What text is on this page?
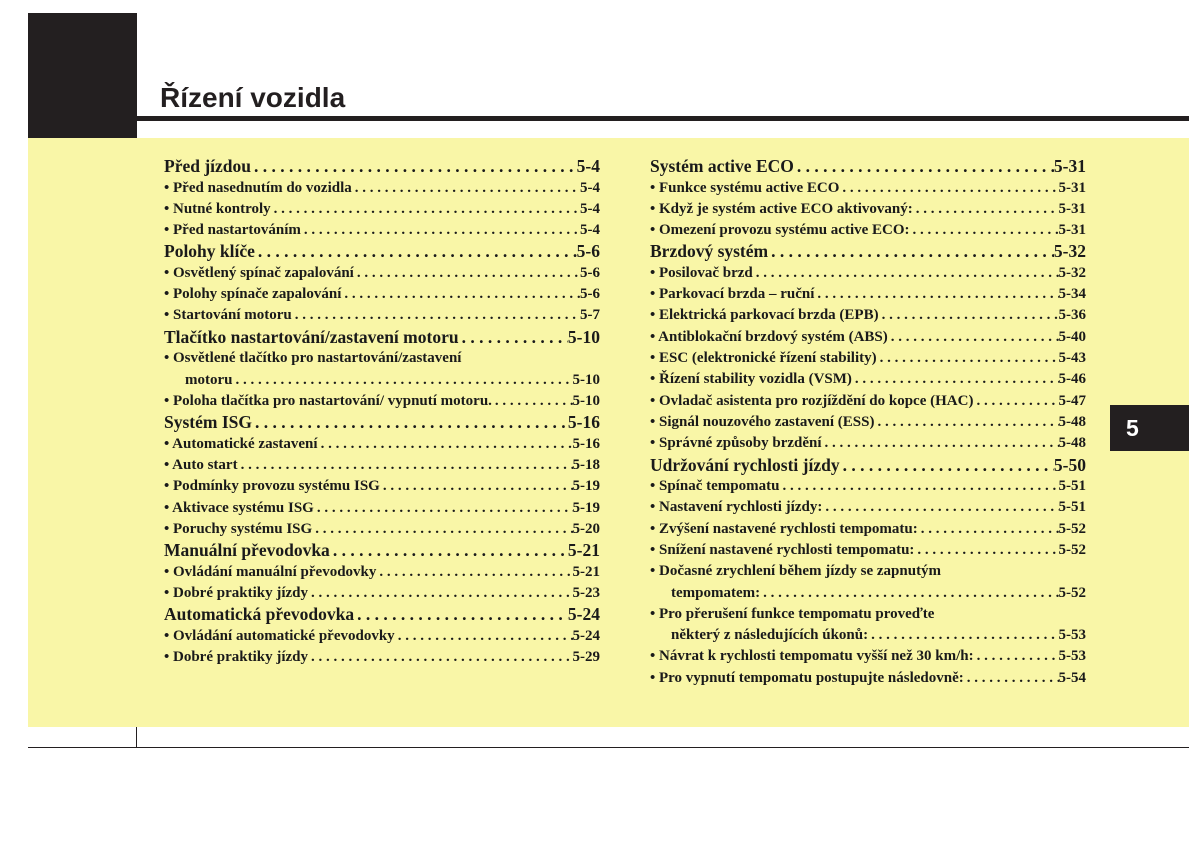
Řízení vozidla
5
Před jízdou . . .	5-4
• Před nasednutím do vozidla . . .	5-4
• Nutné kontroly . . .	5-4
• Před nastartováním . . .	5-4
Polohy klíče . . .	5-6
• Osvětlený spínač zapalování . . .	5-6
• Polohy spínače zapalování . . .	5-6
• Startování motoru . . .	5-7
Tlačítko nastartování/zastavení motoru . . .	5-10
• Osvětlené tlačítko pro nastartování/zastavení
motoru . . .	5-10
• Poloha tlačítka pro nastartování/ vypnutí motoru. . . .	5-10
Systém ISG . . .	5-16
• Automatické zastavení . . .	5-16
• Auto start . . .	5-18
• Podmínky provozu systému ISG . . .	5-19
• Aktivace systému ISG . . .	5-19
• Poruchy systému ISG . . .	5-20
Manuální převodovka . . .	5-21
• Ovládání manuální převodovky . . .	5-21
• Dobré praktiky jízdy . . .	5-23
Automatická převodovka . . .	5-24
• Ovládání automatické převodovky . . .	5-24
• Dobré praktiky jízdy . . .	5-29
Systém active ECO . . .	5-31
• Funkce systému active ECO . . .	5-31
• Když je systém active ECO aktivovaný: . . .	5-31
• Omezení provozu systému active ECO: . . .	5-31
Brzdový systém . . .	5-32
• Posilovač brzd . . .	5-32
• Parkovací brzda – ruční . . .	5-34
• Elektrická parkovací brzda (EPB) . . .	5-36
• Antiblokační brzdový systém (ABS) . . .	5-40
• ESC (elektronické řízení stability) . . .	5-43
• Řízení stability vozidla (VSM) . . .	5-46
• Ovladač asistenta pro rozjíždění do kopce (HAC) . . .	5-47
• Signál nouzového zastavení (ESS) . . .	5-48
• Správné způsoby brzdění . . .	5-48
Udržování rychlosti jízdy . . .	5-50
• Spínač tempomatu . . .	5-51
• Nastavení rychlosti jízdy: . . .	5-51
• Zvýšení nastavené rychlosti tempomatu: . . .	5-52
• Snížení nastavené rychlosti tempomatu: . . .	5-52
• Dočasné zrychlení během jízdy se zapnutým
tempomatem: . . .	5-52
• Pro přerušení funkce tempomatu proveďte
některý z následujících úkonů: . . .	5-53
• Návrat k rychlosti tempomatu vyšší než 30 km/h: . . .	5-53
• Pro vypnutí tempomatu postupujte následovně: . . .	5-54
